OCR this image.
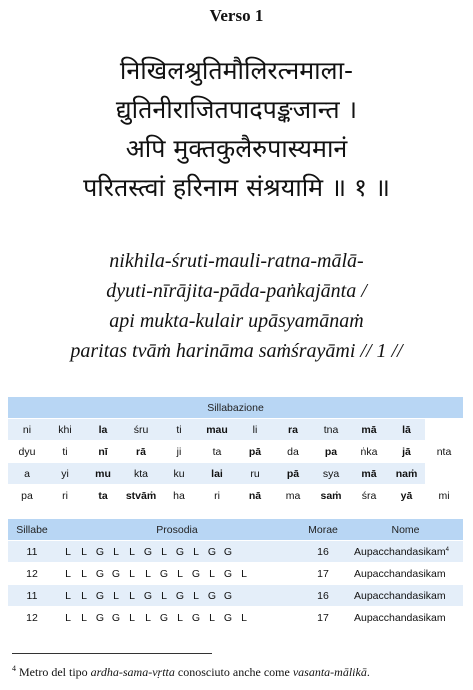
Verso 1
निखिलश्रुतिमौलिरत्नमाला-
द्युतिनीराजितपादपङ्कजान्त ।
अपि मुक्तकुलैरुपास्यमानं
परितस्त्वां हरिनाम संश्रयामि ॥ १ ॥
nikhila-śruti-mauli-ratna-mālā-
dyuti-nīrājita-pāda-paṅkajānta /
api mukta-kulair upāsyamānaṁ
paritas tvāṁ harināma saṁśrayāmi // 1 //
Sillabazione											
ni	khi	la	śru	ti	mau	li	ra	tna	mā	lā	
dyu	ti	nī	rā	ji	ta	pā	da	pa	ṅka	jā	nta
a	yi	mu	kta	ku	lai	ru	pā	sya	mā	naṁ	
pa	ri	ta	stvāṁ	ha	ri	nā	ma	saṁ	śra	yā	mi
Sillabe	Prosodia	Morae	Nome
11	L L G L L G L G L G G	16	Aupacchandasikam$^4$
12	L L G G L L G L G L G L	17	Aupacchandasikam
11	L L G L L G L G L G G	16	Aupacchandasikam
12	L L G G L L G L G L G L	17	Aupacchandasikam
$^4$ Metro del tipo ardha-sama-vṛtta conosciuto anche come vasanta-mālikā.
